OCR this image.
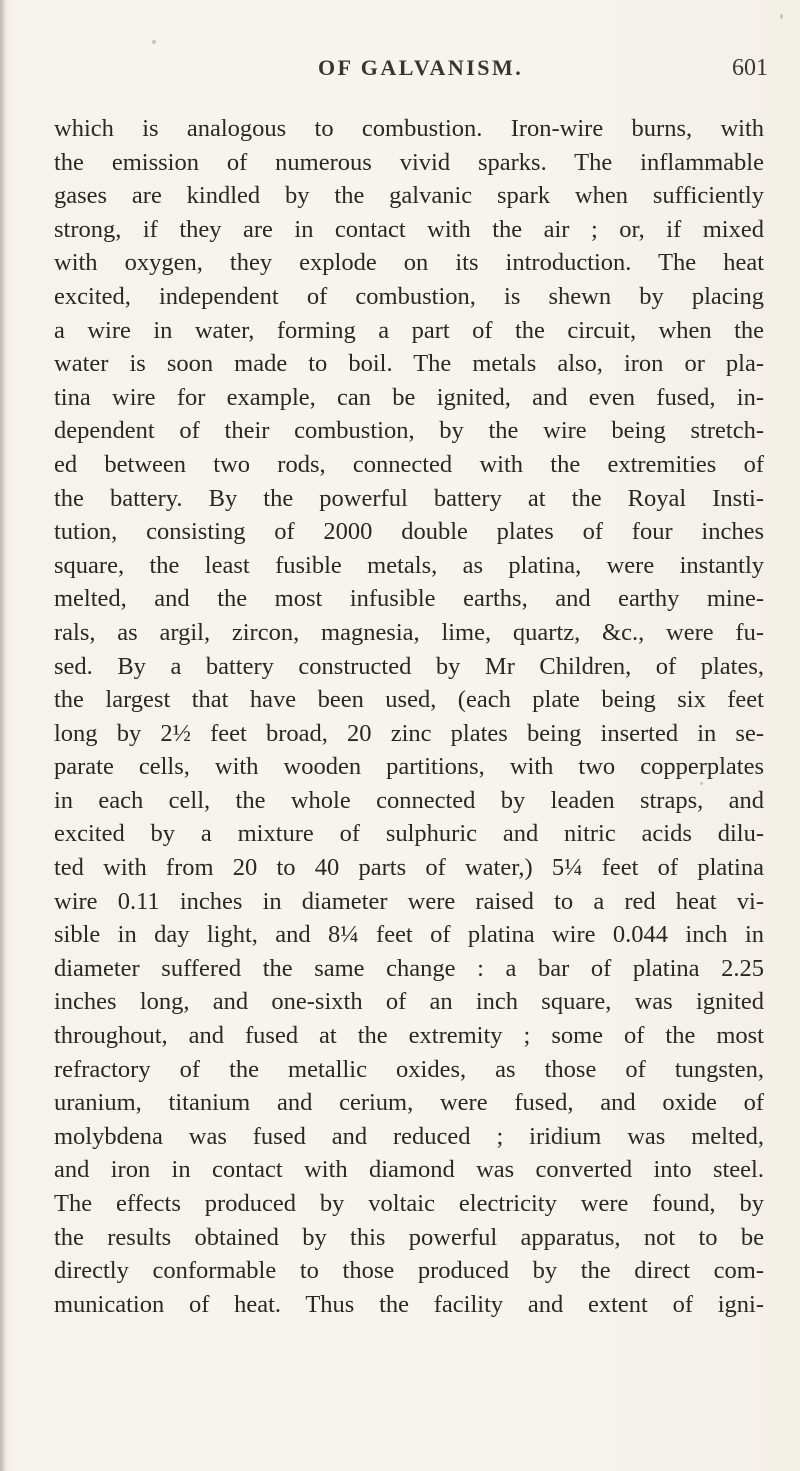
OF GALVANISM.	601
which is analogous to combustion. Iron-wire burns, with
the emission of numerous vivid sparks. The inflammable
gases are kindled by the galvanic spark when sufficiently
strong, if they are in contact with the air ; or, if mixed
with oxygen, they explode on its introduction. The heat
excited, independent of combustion, is shewn by placing
a wire in water, forming a part of the circuit, when the
water is soon made to boil. The metals also, iron or pla-
tina wire for example, can be ignited, and even fused, in-
dependent of their combustion, by the wire being stretch-
ed between two rods, connected with the extremities of
the battery. By the powerful battery at the Royal Insti-
tution, consisting of 2000 double plates of four inches
square, the least fusible metals, as platina, were instantly
melted, and the most infusible earths, and earthy mine-
rals, as argil, zircon, magnesia, lime, quartz, &c., were fu-
sed. By a battery constructed by Mr Children, of plates,
the largest that have been used, (each plate being six feet
long by 2½ feet broad, 20 zinc plates being inserted in se-
parate cells, with wooden partitions, with two copperplates
in each cell, the whole connected by leaden straps, and
excited by a mixture of sulphuric and nitric acids dilu-
ted with from 20 to 40 parts of water,) 5¼ feet of platina
wire 0.11 inches in diameter were raised to a red heat vi-
sible in day light, and 8¼ feet of platina wire 0.044 inch in
diameter suffered the same change : a bar of platina 2.25
inches long, and one-sixth of an inch square, was ignited
throughout, and fused at the extremity ; some of the most
refractory of the metallic oxides, as those of tungsten,
uranium, titanium and cerium, were fused, and oxide of
molybdena was fused and reduced ; iridium was melted,
and iron in contact with diamond was converted into steel.
The effects produced by voltaic electricity were found, by
the results obtained by this powerful apparatus, not to be
directly conformable to those produced by the direct com-
munication of heat. Thus the facility and extent of igni-
